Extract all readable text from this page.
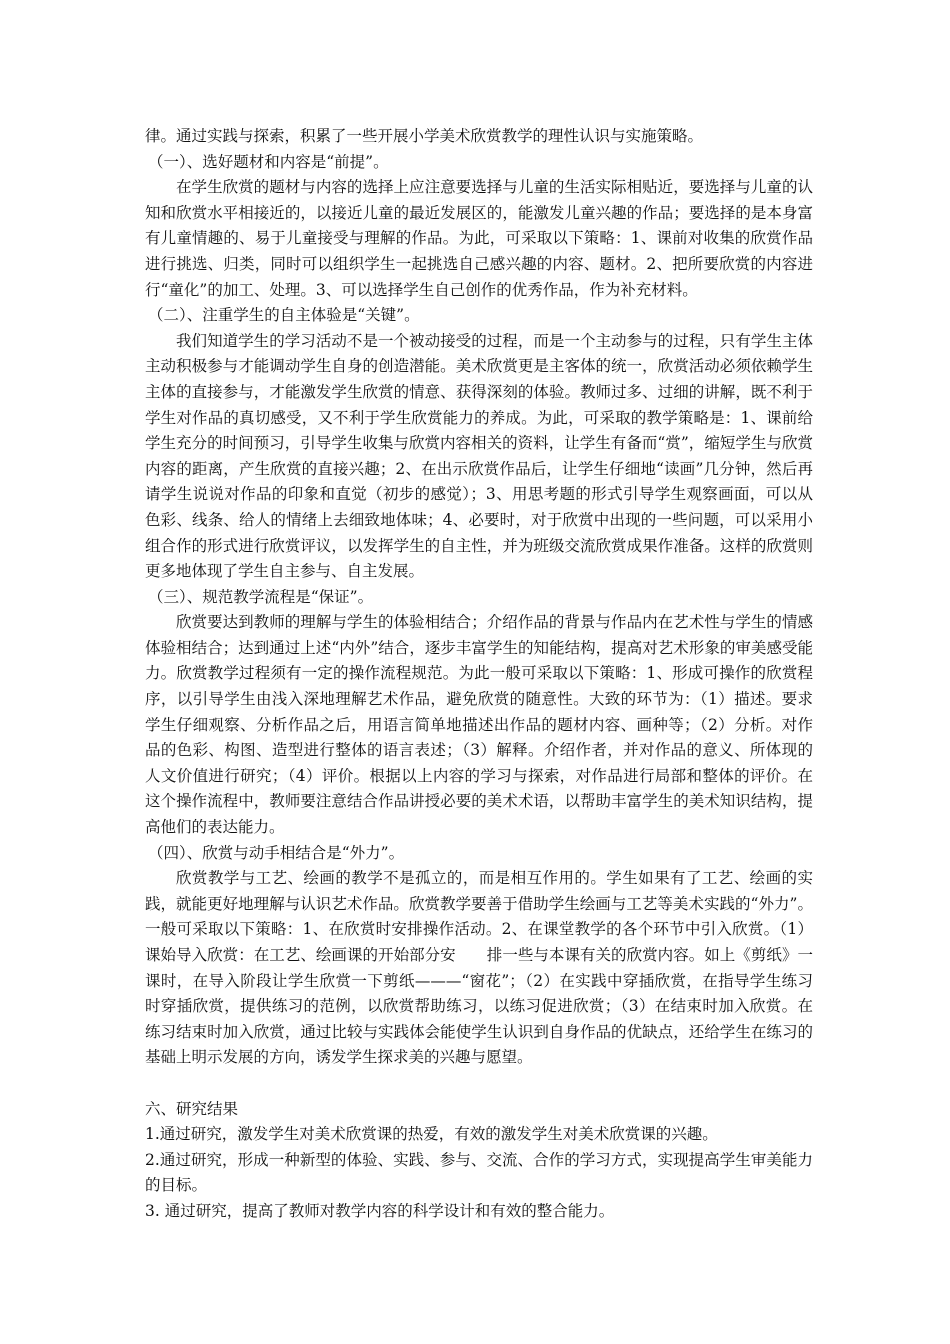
律。通过实践与探索，积累了一些开展小学美术欣赏教学的理性认识与实施策略。

（一）、选好题材和内容是“前提”。

在学生欣赏的题材与内容的选择上应注意要选择与儿童的生活实际相贴近，要选择与儿童的认知和欣赏水平相接近的，以接近儿童的最近发展区的，能激发儿童兴趣的作品；要选择的是本身富有儿童情趣的、易于儿童接受与理解的作品。为此，可采取以下策略：1、课前对收集的欣赏作品进行挑选、归类，同时可以组织学生一起挑选自己感兴趣的内容、题材。2、把所要欣赏的内容进行“童化”的加工、处理。3、可以选择学生自己创作的优秀作品，作为补充材料。

（二）、注重学生的自主体验是“关键”。

我们知道学生的学习活动不是一个被动接受的过程，而是一个主动参与的过程，只有学生主体主动积极参与才能调动学生自身的创造潜能。美术欣赏更是主客体的统一，欣赏活动必须依赖学生主体的直接参与，才能激发学生欣赏的情意、获得深刻的体验。教师过多、过细的讲解，既不利于学生对作品的真切感受，又不利于学生欣赏能力的养成。为此，可采取的教学策略是：1、课前给学生充分的时间预习，引导学生收集与欣赏内容相关的资料，让学生有备而“赏”，缩短学生与欣赏内容的距离，产生欣赏的直接兴趣；2、在出示欣赏作品后，让学生仔细地“读画”几分钟，然后再请学生说说对作品的印象和直觉（初步的感觉）；3、用思考题的形式引导学生观察画面，可以从色彩、线条、给人的情绪上去细致地体味；4、必要时，对于欣赏中出现的一些问题，可以采用小组合作的形式进行欣赏评议，以发挥学生的自主性，并为班级交流欣赏成果作准备。这样的欣赏则更多地体现了学生自主参与、自主发展。

（三）、规范教学流程是“保证”。

欣赏要达到教师的理解与学生的体验相结合；介绍作品的背景与作品内在艺术性与学生的情感体验相结合；达到通过上述“内外”结合，逐步丰富学生的知能结构，提高对艺术形象的审美感受能力。欣赏教学过程须有一定的操作流程规范。为此一般可采取以下策略：1、形成可操作的欣赏程序，以引导学生由浅入深地理解艺术作品，避免欣赏的随意性。大致的环节为：（1）描述。要求学生仔细观察、分析作品之后，用语言简单地描述出作品的题材内容、画种等；（2）分析。对作品的色彩、构图、造型进行整体的语言表述；（3）解释。介绍作者，并对作品的意义、所体现的人文价值进行研究；（4）评价。根据以上内容的学习与探索，对作品进行局部和整体的评价。在这个操作流程中，教师要注意结合作品讲授必要的美术术语，以帮助丰富学生的美术知识结构，提高他们的表达能力。

（四）、欣赏与动手相结合是“外力”。

欣赏教学与工艺、绘画的教学不是孤立的，而是相互作用的。学生如果有了工艺、绘画的实践，就能更好地理解与认识艺术作品。欣赏教学要善于借助学生绘画与工艺等美术实践的“外力”。一般可采取以下策略：1、在欣赏时安排操作活动。2、在课堂教学的各个环节中引入欣赏。（1）课始导入欣赏：在工艺、绘画课的开始部分安　　排一些与本课有关的欣赏内容。如上《剪纸》一课时，在导入阶段让学生欣赏一下剪纸———“窗花”；（2）在实践中穿插欣赏，在指导学生练习时穿插欣赏，提供练习的范例，以欣赏帮助练习，以练习促进欣赏；（3）在结束时加入欣赏。在练习结束时加入欣赏，通过比较与实践体会能使学生认识到自身作品的优缺点，还给学生在练习的基础上明示发展的方向，诱发学生探求美的兴趣与愿望。

六、研究结果

1.通过研究，激发学生对美术欣赏课的热爱，有效的激发学生对美术欣赏课的兴趣。

2.通过研究，形成一种新型的体验、实践、参与、交流、合作的学习方式，实现提高学生审美能力的目标。

3. 通过研究，提高了教师对教学内容的科学设计和有效的整合能力。
